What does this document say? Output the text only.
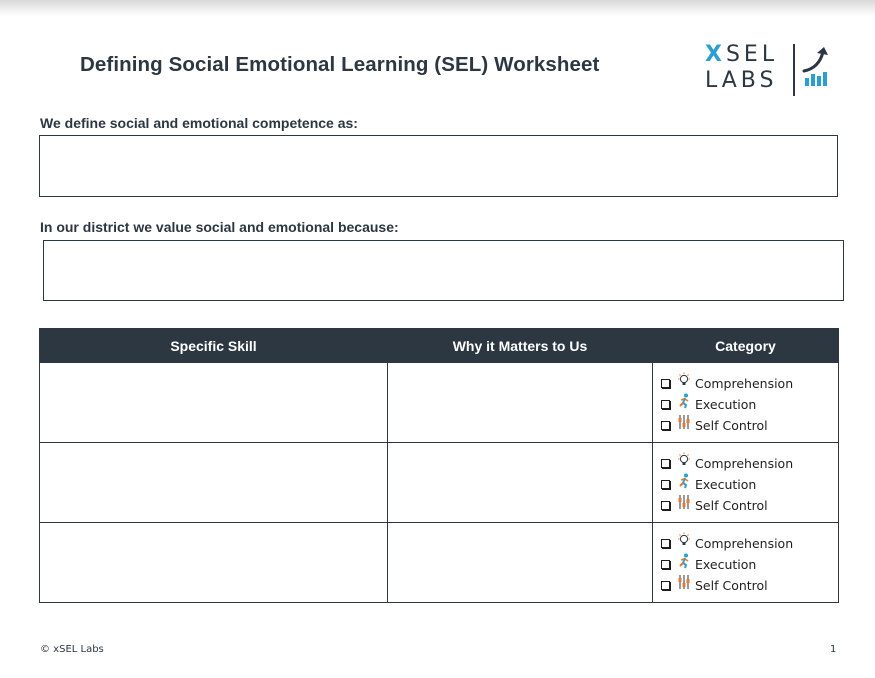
Defining Social Emotional Learning (SEL) Worksheet	XSEL
LABS
We define social and emotional competence as:
In our district we value social and emotional because:
Specific Skill	Why it Matters to Us	Category

		Comprehension
Execution
Self Control

		Comprehension
Execution
Self Control

		Comprehension
Execution
Self Control
© xSEL Labs	1
